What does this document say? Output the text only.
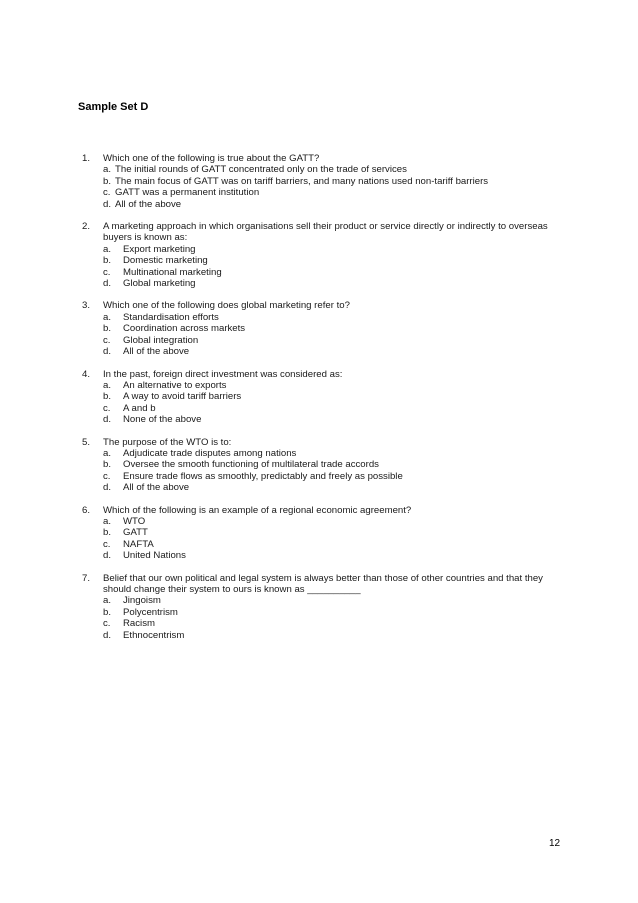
Sample Set D
1.	Which one of the following is true about the GATT?
a. The initial rounds of GATT concentrated only on the trade of services
b. The main focus of GATT was on tariff barriers, and many nations used non-tariff barriers
c. GATT was a permanent institution
d. All of the above
2.	A marketing approach in which organisations sell their product or service directly or indirectly to overseas buyers is known as:
a.	Export marketing
b.	Domestic marketing
c.	Multinational marketing
d.	Global marketing
3.	Which one of the following does global marketing refer to?
a.	Standardisation efforts
b.	Coordination across markets
c.	Global integration
d.	All of the above
4.	In the past, foreign direct investment was considered as:
a.	An alternative to exports
b.	A way to avoid tariff barriers
c.	A and b
d.	None of the above
5.	The purpose of the WTO is to:
a.	Adjudicate trade disputes among nations
b.	Oversee the smooth functioning of multilateral trade accords
c.	Ensure trade flows as smoothly, predictably and freely as possible
d.	All of the above
6.	Which of the following is an example of a regional economic agreement?
a.	WTO
b.	GATT
c.	NAFTA
d.	United Nations
7.	Belief that our own political and legal system is always better than those of other countries and that they should change their system to ours is known as __________
a.	Jingoism
b.	Polycentrism
c.	Racism
d.	Ethnocentrism
12
